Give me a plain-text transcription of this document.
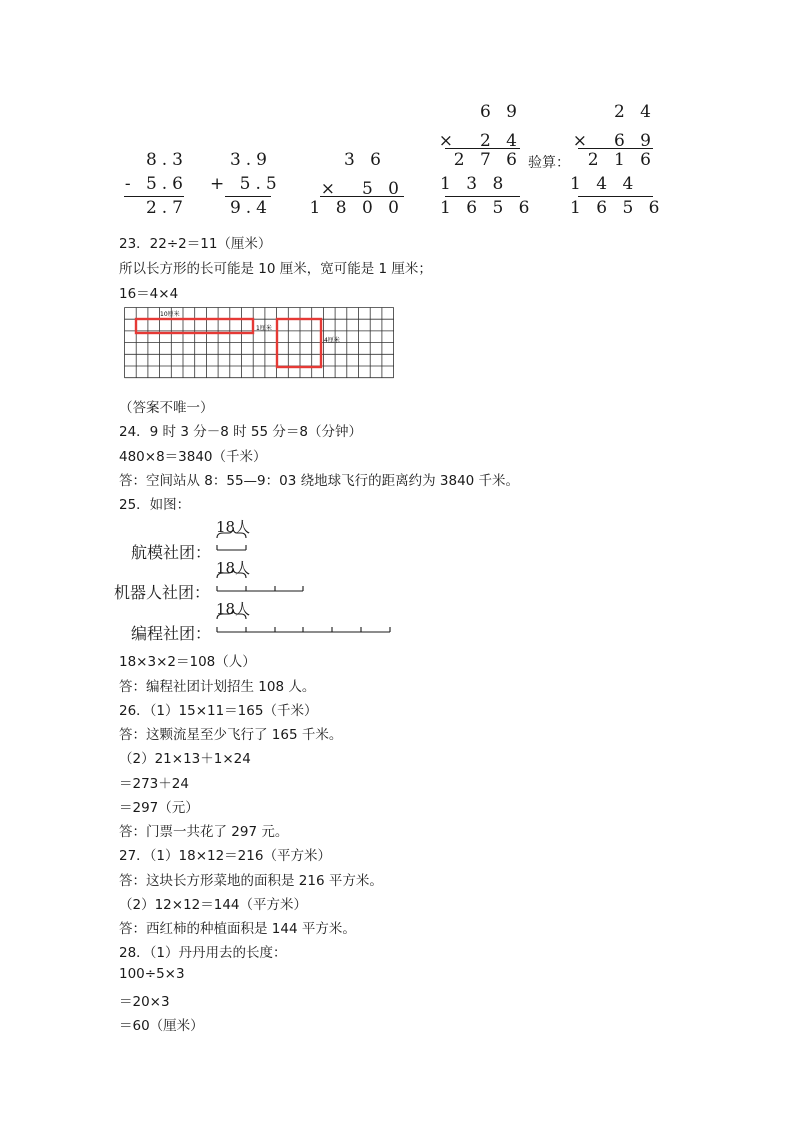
8.3
- 5.6
2.7
3.9
+ 5.5
9.4
3 6
×　5 0
1 8 0 0
6 9
×　2 4
2 7 6
1 3 8
1 6 5 6
验算：
2 4
×　6 9
2 1 6
1 4 4
1 6 5 6
23．22÷2＝11（厘米）
所以长方形的长可能是 10 厘米，宽可能是 1 厘米；
16＝4×4
10厘米
1厘米
4厘米
（答案不唯一）
24．9 时 3 分－8 时 55 分＝8（分钟）
480×8＝3840（千米）
答：空间站从 8：55—9：03 绕地球飞行的距离约为 3840 千米。
25．如图：
18人
航模社团：
18人
机器人社团：
18人
编程社团：
18×3×2＝108（人）
答：编程社团计划招生 108 人。
26．（1）15×11＝165（千米）
答：这颗流星至少飞行了 165 千米。
（2）21×13＋1×24
＝273＋24
＝297（元）
答：门票一共花了 297 元。
27．（1）18×12＝216（平方米）
答：这块长方形菜地的面积是 216 平方米。
（2）12×12＝144（平方米）
答：西红柿的种植面积是 144 平方米。
28．（1）丹丹用去的长度：
100÷5×3
＝20×3
＝60（厘米）
